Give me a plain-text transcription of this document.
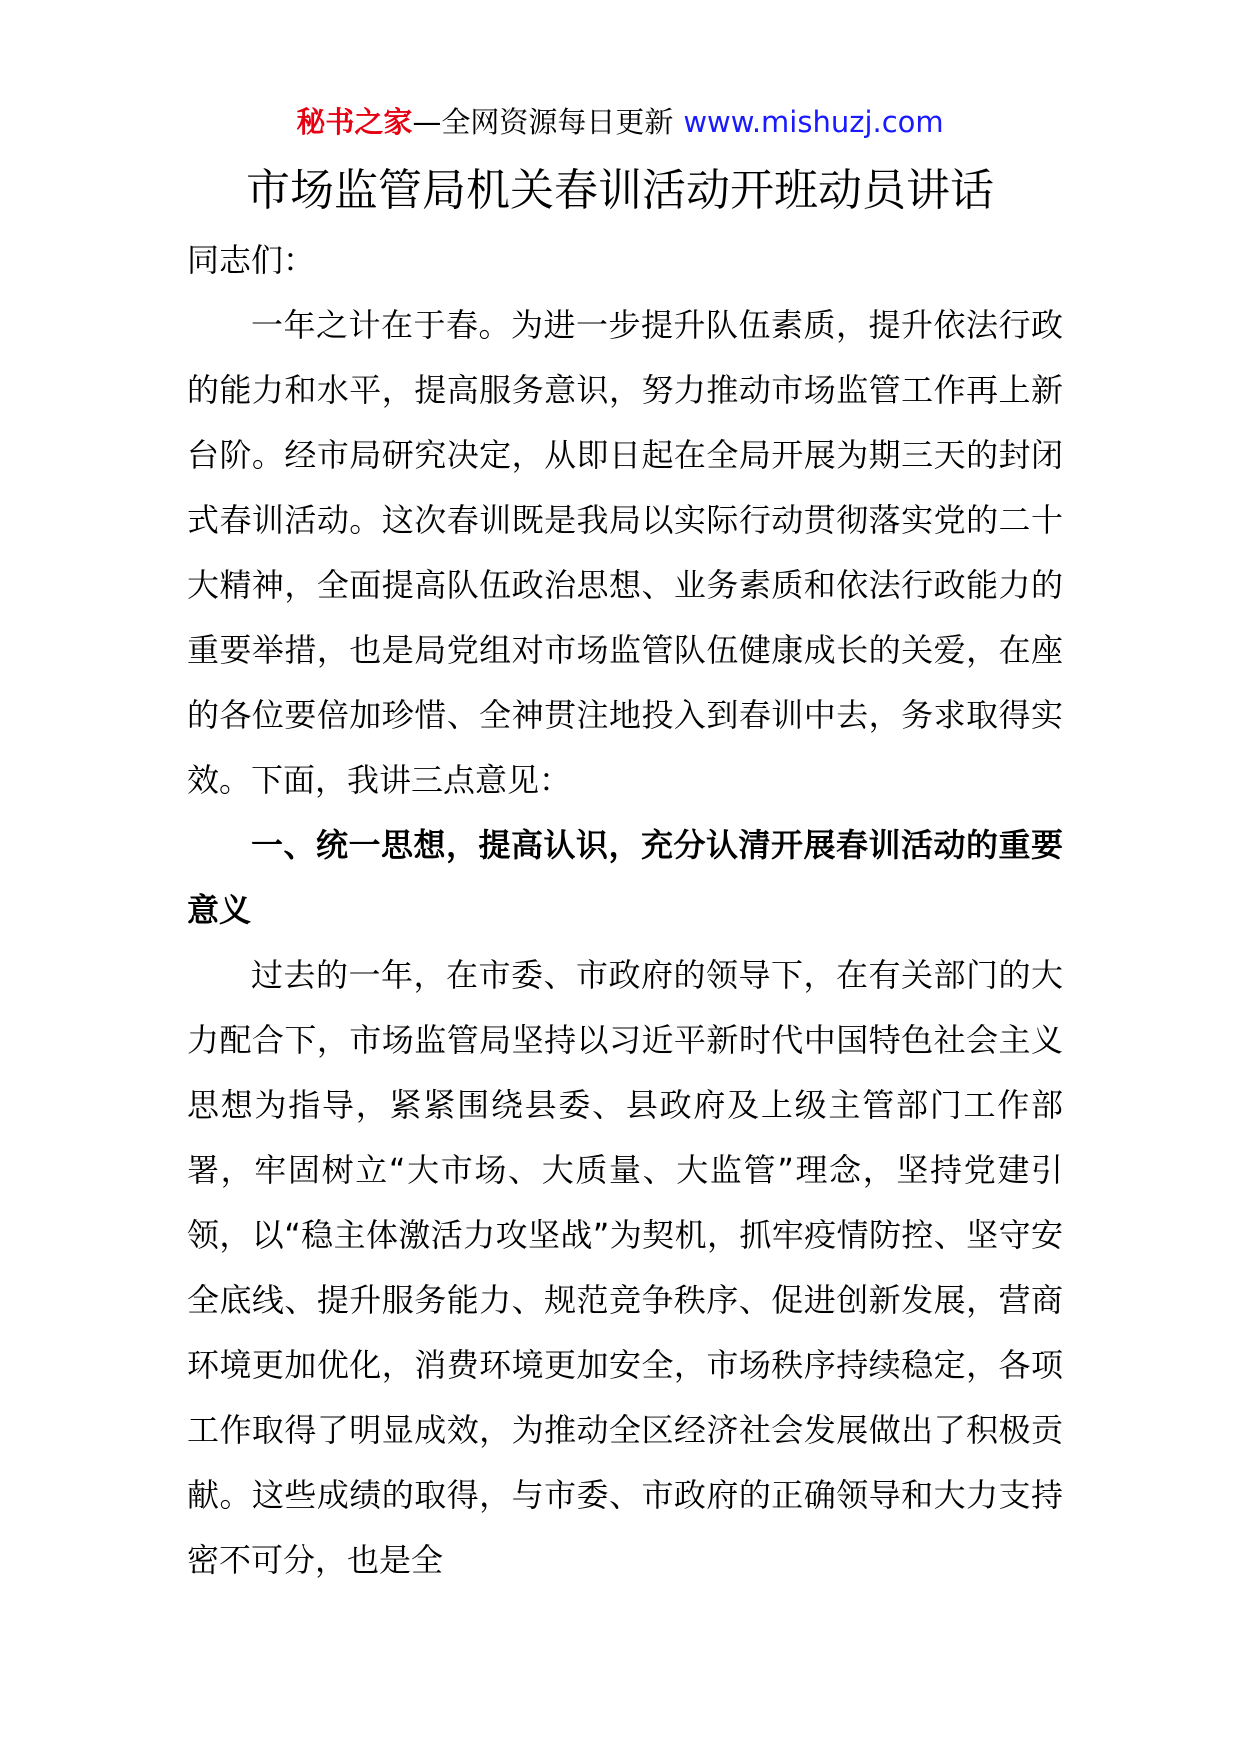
秘书之家—全网资源每日更新 www.mishuzj.com
市场监管局机关春训活动开班动员讲话

同志们：

一年之计在于春。为进一步提升队伍素质，提升依法行政的能力和水平，提高服务意识，努力推动市场监管工作再上新台阶。经市局研究决定，从即日起在全局开展为期三天的封闭式春训活动。这次春训既是我局以实际行动贯彻落实党的二十大精神，全面提高队伍政治思想、业务素质和依法行政能力的重要举措，也是局党组对市场监管队伍健康成长的关爱，在座的各位要倍加珍惜、全神贯注地投入到春训中去，务求取得实效。下面，我讲三点意见：

一、统一思想，提高认识，充分认清开展春训活动的重要意义

过去的一年，在市委、市政府的领导下，在有关部门的大力配合下，市场监管局坚持以习近平新时代中国特色社会主义思想为指导，紧紧围绕县委、县政府及上级主管部门工作部署，牢固树立“大市场、大质量、大监管”理念，坚持党建引领，以“稳主体激活力攻坚战”为契机，抓牢疫情防控、坚守安全底线、提升服务能力、规范竞争秩序、促进创新发展，营商环境更加优化，消费环境更加安全，市场秩序持续稳定，各项工作取得了明显成效，为推动全区经济社会发展做出了积极贡献。这些成绩的取得，与市委、市政府的正确领导和大力支持密不可分，也是全
